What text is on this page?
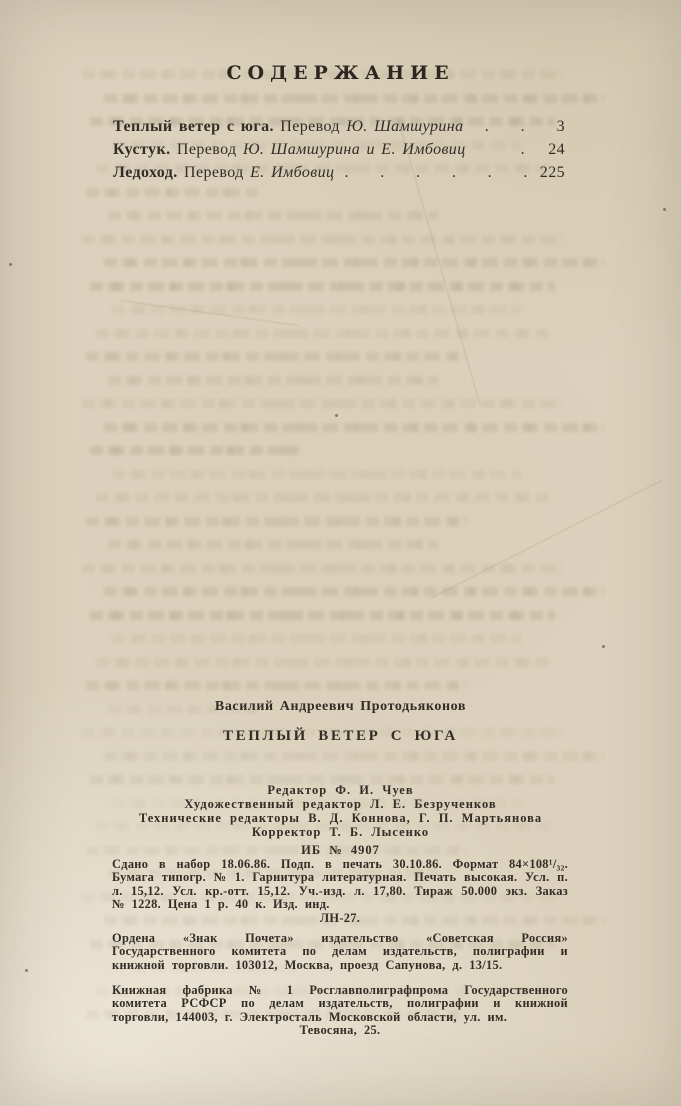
СОДЕРЖАНИЕ
Теплый ветер с юга. Перевод Ю. Шамшурина	. .	3
Кустук. Перевод Ю. Шамшурина и Е. Имбовиц	.	24
Ледоход. Перевод Е. Имбовиц . . . . . . 225
Василий Андреевич Протодьяконов
ТЕПЛЫЙ ВЕТЕР С ЮГА
Редактор Ф. И. Чуев
Художественный редактор Л. Е. Безрученков
Технические редакторы В. Д. Коннова, Г. П. Мартьянова
Корректор Т. Б. Лысенко
ИБ № 4907
Сдано в набор 18.06.86. Подп. в печать 30.10.86. Формат 84×108¹/₃₂. Бумага типогр. № 1. Гарнитура литературная. Печать высокая. Усл. п. л. 15,12. Усл. кр.-отт. 15,12. Уч.-изд. л. 17,80. Тираж 50.000 экз. Заказ № 1228. Цена 1 р. 40 к. Изд. инд.
ЛН-27.
Ордена «Знак Почета» издательство «Советская Россия» Государственного комитета по делам издательств, полиграфии и книжной торговли. 103012, Москва, проезд Сапунова, д. 13/15.
Книжная фабрика № 1 Росглавполиграфпрома Государственного комитета РСФСР по делам издательств, полиграфии и книжной торговли, 144003, г. Электросталь Московской области, ул. им.
Тевосяна, 25.
